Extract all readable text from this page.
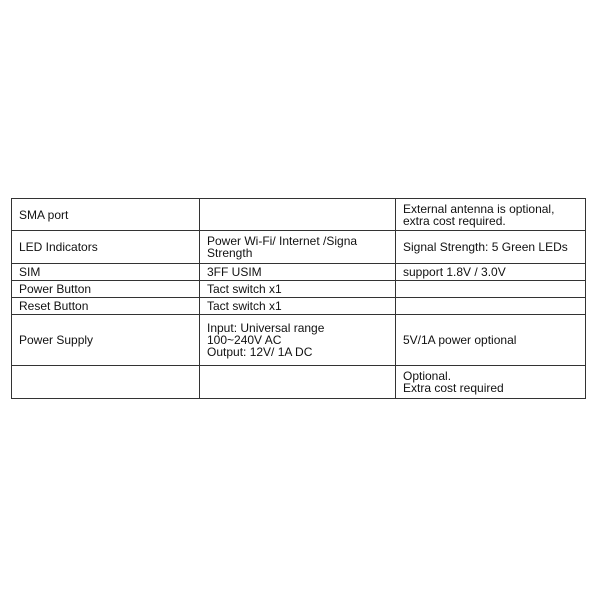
SMA port		External antenna is optional,
extra cost required.

LED Indicators	Power Wi-Fi/ Internet /Signa
Strength	Signal Strength: 5 Green LEDs

SIM	3FF USIM	support 1.8V / 3.0V

Power Button	Tact switch x1	

Reset Button	Tact switch x1	

Power Supply	Input: Universal range
100~240V AC
Output: 12V/ 1A DC	5V/1A power optional

		Optional.
Extra cost required
